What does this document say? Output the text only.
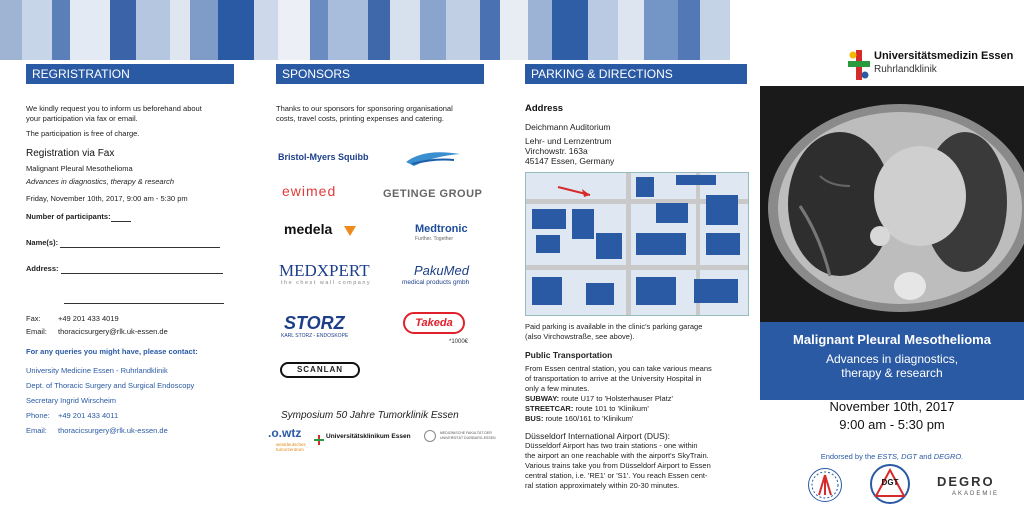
REGRISTRATION	SPONSORS	PARKING & DIRECTIONS
Universitätsmedizin Essen
Ruhrlandklinik

We kindly request you to inform us beforehand about

your participation via fax or email.

The participation is free of charge.

Registration via Fax

Malignant Pleural Mesothelioma

Advances in diagnostics, therapy & research

Friday, November 10th, 2017, 9:00 am - 5:30 pm

Number of participants:

Name(s):

Address:

Fax: +49 201 433 4019

Email: thoracicsurgery@rlk.uk-essen.de

For any queries you might have, please contact:

University Medicine Essen - Ruhrlandklinik

Dept. of Thoracic Surgery and Surgical Endoscopy

Secretary Ingrid Wirscheim

Phone: +49 201 433 4011

Email: thoracicsurgery@rlk.uk-essen.de

Thanks to our sponsors for sponsoring organisational

costs, travel costs, printing expenses and catering.

Bristol-Myers Squibb
ewimed	GETINGE GROUP
medela	Medtronic
Further. Together
MEDXPERT
the chest wall company
PakuMed
medical products gmbh
STORZ
KARL STORZ - ENDOSKOPE
Takeda
*1000€
SCANLAN
Symposium 50 Jahre Tumorklinik Essen
.o.wtz
westdeutsches tumorzentrum
Universitätsklinikum Essen	MEDIZINISCHE FAKULTÄT DER UNIVERSITÄT DUISBURG-ESSEN

Address

Deichmann Auditorium

Lehr- und Lernzentrum

Virchowstr. 163a

45147 Essen, Germany

Paid parking is available in the clinic's parking garage

(also Virchowstraße, see above).

Public Transportation

From Essen central station, you can take various means

of transportation to arrive at the University Hospital in

only a few minutes.

SUBWAY: route U17 to 'Holsterhauser Platz'

STREETCAR: route 101 to 'Klinikum'

BUS: route 160/161 to 'Klinikum'

Düsseldorf International Airport (DUS):

Düsseldorf Airport has two train stations - one within

the airport an one reachable with the airport's SkyTrain.

Various trains take you from Düsseldorf Airport to Essen

central station, i.e. 'RE1' or 'S1'. You reach Essen cent-

ral station approximately within 20-30 minutes.

Malignant Pleural Mesothelioma
Advances in diagnostics,
therapy & research
November 10th, 2017
9:00 am - 5:30 pm
Endorsed by the ESTS, DGT and DEGRO.
DGT	DEGRO
AKADEMIE
